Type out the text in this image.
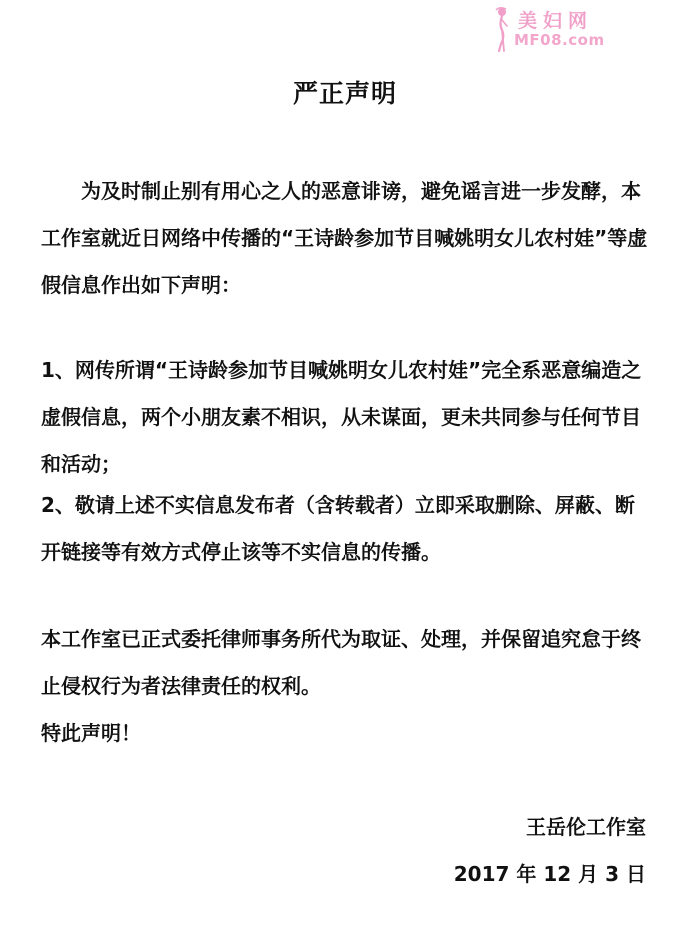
美妇网
MF08.com
严正声明

为及时制止别有用心之人的恶意诽谤，避免谣言进一步发酵，本工作室就近日网络中传播的“王诗龄参加节目喊姚明女儿农村娃”等虚假信息作出如下声明：

1、网传所谓“王诗龄参加节目喊姚明女儿农村娃”完全系恶意编造之虚假信息，两个小朋友素不相识，从未谋面，更未共同参与任何节目和活动；

2、敬请上述不实信息发布者（含转载者）立即采取删除、屏蔽、断开链接等有效方式停止该等不实信息的传播。

本工作室已正式委托律师事务所代为取证、处理，并保留追究怠于终止侵权行为者法律责任的权利。

特此声明！

王岳伦工作室
2017 年 12 月 3 日
